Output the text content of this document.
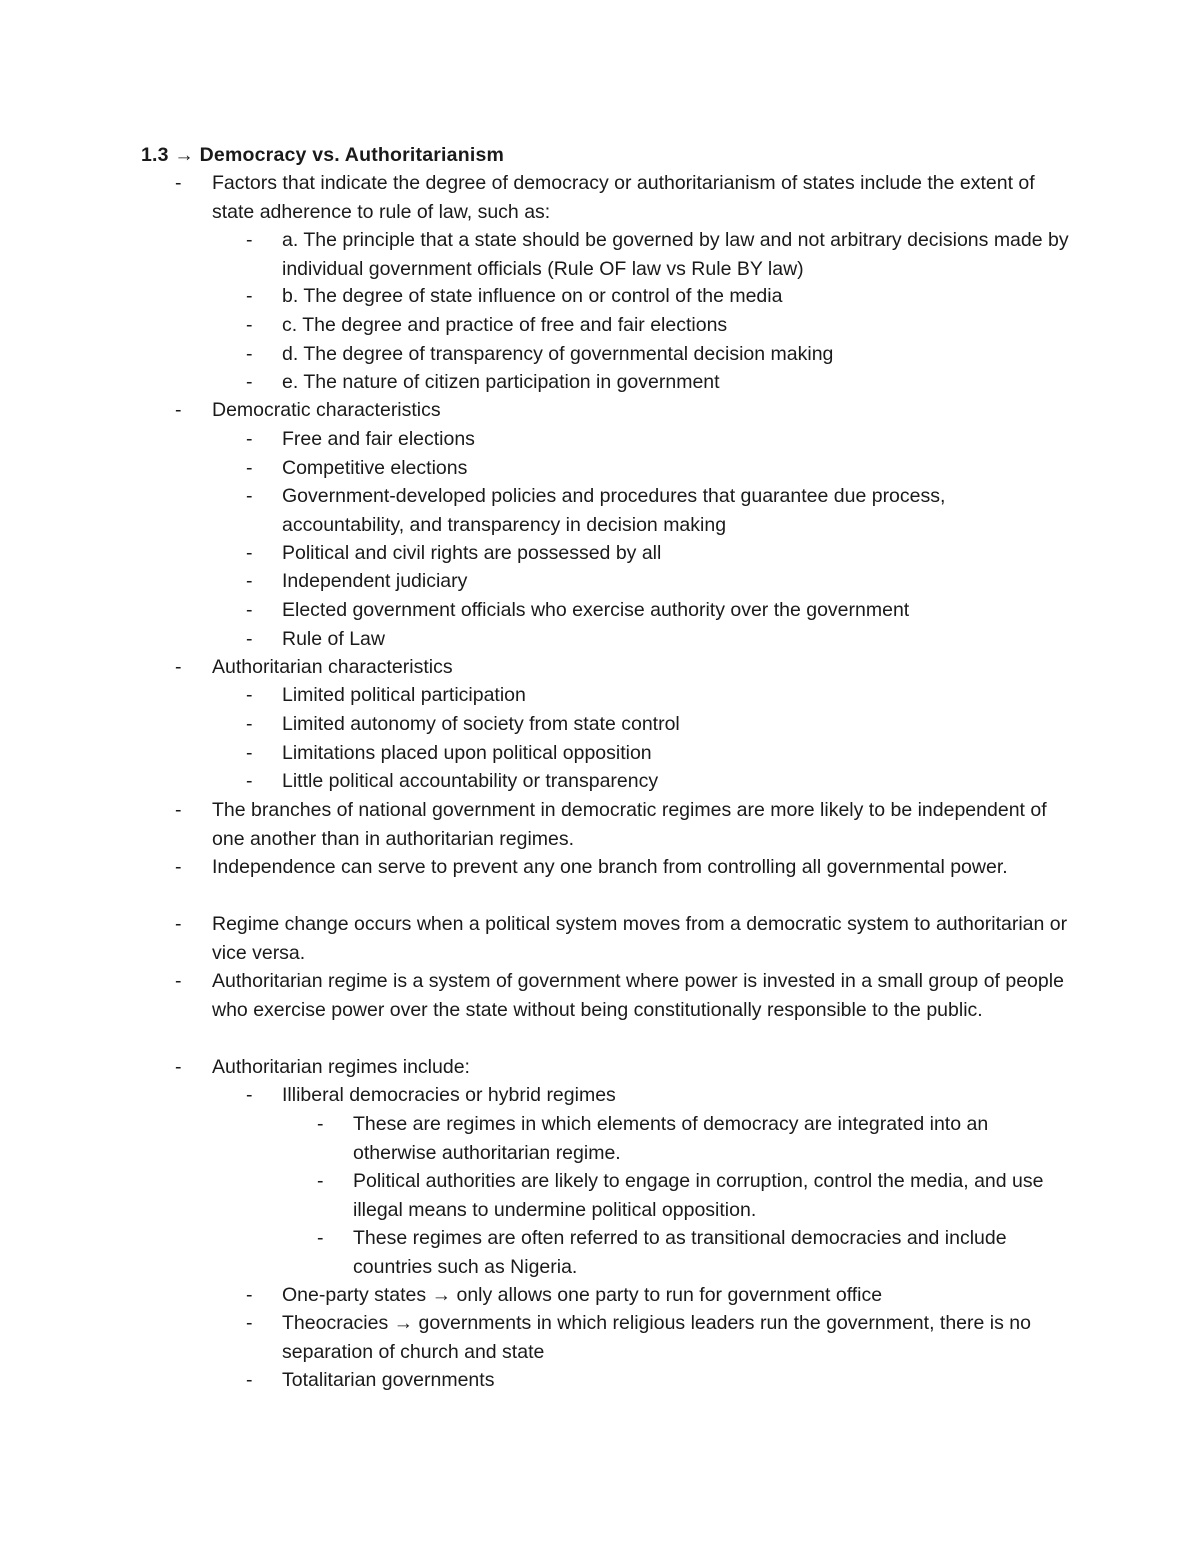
1.3 → Democracy vs. Authoritarianism
-	Factors that indicate the degree of democracy or authoritarianism of states include the extent of state adherence to rule of law, such as:
-	a. The principle that a state should be governed by law and not arbitrary decisions made by individual government officials (Rule OF law vs Rule BY law)
-	b. The degree of state influence on or control of the media
-	c. The degree and practice of free and fair elections
-	d. The degree of transparency of governmental decision making
-	e. The nature of citizen participation in government
-	Democratic characteristics
-	Free and fair elections
-	Competitive elections
-	Government-developed policies and procedures that guarantee due process, accountability, and transparency in decision making
-	Political and civil rights are possessed by all
-	Independent judiciary
-	Elected government officials who exercise authority over the government
-	Rule of Law
-	Authoritarian characteristics
-	Limited political participation
-	Limited autonomy of society from state control
-	Limitations placed upon political opposition
-	Little political accountability or transparency
-	The branches of national government in democratic regimes are more likely to be independent of one another than in authoritarian regimes.
-	Independence can serve to prevent any one branch from controlling all governmental power.
-	Regime change occurs when a political system moves from a democratic system to authoritarian or vice versa.
-	Authoritarian regime is a system of government where power is invested in a small group of people who exercise power over the state without being constitutionally responsible to the public.
-	Authoritarian regimes include:
-	Illiberal democracies or hybrid regimes
-	These are regimes in which elements of democracy are integrated into an otherwise authoritarian regime.
-	Political authorities are likely to engage in corruption, control the media, and use illegal means to undermine political opposition.
-	These regimes are often referred to as transitional democracies and include countries such as Nigeria.
-	One-party states → only allows one party to run for government office
-	Theocracies → governments in which religious leaders run the government, there is no separation of church and state
-	Totalitarian governments
